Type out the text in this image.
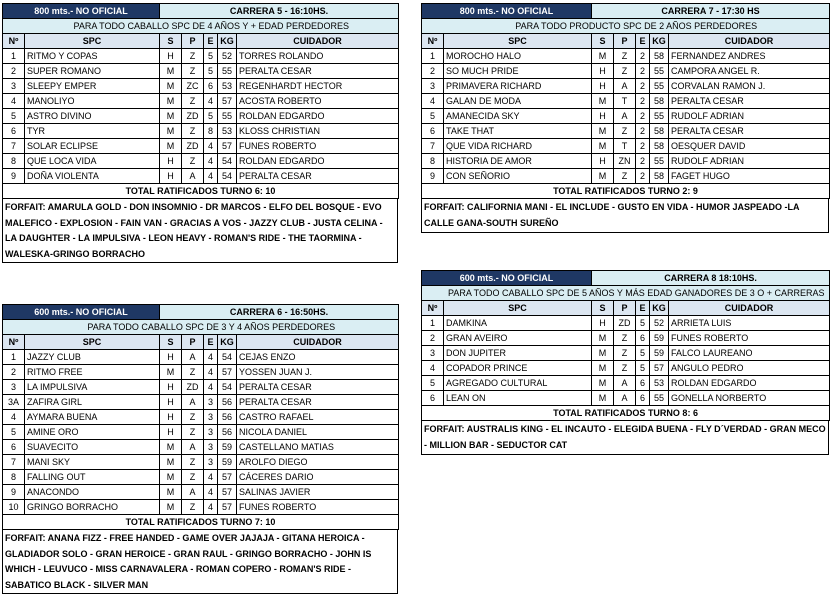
800 mts.- NO OFICIAL		CARRERA 5 - 16:10HS.				
	PARA TODO CABALLO SPC DE 4 AÑOS Y + EDAD PERDEDORES					
Nº	SPC	S	P	E	KG	CUIDADOR
1	RITMO Y COPAS	H	Z	5	52	TORRES ROLANDO
2	SUPER ROMANO	M	Z	5	55	PERALTA CESAR
3	SLEEPY EMPER	M	ZC	6	53	REGENHARDT HECTOR
4	MANOLIYO	M	Z	4	57	ACOSTA ROBERTO
5	ASTRO DIVINO	M	ZD	5	55	ROLDAN EDGARDO
6	TYR	M	Z	8	53	KLOSS CHRISTIAN
7	SOLAR ECLIPSE	M	ZD	4	57	FUNES ROBERTO
8	QUE LOCA VIDA	H	Z	4	54	ROLDAN EDGARDO
9	DOÑA VIOLENTA	H	A	4	54	PERALTA CESAR
TOTAL RATIFICADOS TURNO 6: 10						
FORFAIT: AMARULA GOLD - DON INSOMNIO - DR MARCOS - ELFO DEL BOSQUE - EVO MALEFICO - EXPLOSION - FAIN VAN - GRACIAS A VOS - JAZZY CLUB - JUSTA CELINA - LA DAUGHTER - LA IMPULSIVA - LEON HEAVY - ROMAN'S RIDE - THE TAORMINA - WALESKA-GRINGO BORRACHO
800 mts.- NO OFICIAL		CARRERA 7 - 17:30 HS				
	PARA TODO PRODUCTO SPC DE 2 AÑOS PERDEDORES					
Nº	SPC	S	P	E	KG	CUIDADOR
1	MOROCHO HALO	M	Z	2	58	FERNANDEZ ANDRES
2	SO MUCH PRIDE	H	Z	2	55	CAMPORA ANGEL R.
3	PRIMAVERA RICHARD	H	A	2	55	CORVALAN RAMON J.
4	GALAN DE MODA	M	T	2	58	PERALTA CESAR
5	AMANECIDA SKY	H	A	2	55	RUDOLF ADRIAN
6	TAKE THAT	M	Z	2	58	PERALTA CESAR
7	QUE VIDA RICHARD	M	T	2	58	OESQUER DAVID
8	HISTORIA DE AMOR	H	ZN	2	55	RUDOLF ADRIAN
9	CON SEÑORIO	M	Z	2	58	FAGET HUGO
TOTAL RATIFICADOS TURNO 2: 9						
FORFAIT: CALIFORNIA MANI - EL INCLUDE - GUSTO EN VIDA - HUMOR JASPEADO -LA CALLE GANA-SOUTH SUREÑO
600 mts.- NO OFICIAL		CARRERA 6 - 16:50HS.				
	PARA TODO CABALLO SPC DE 3 Y 4 AÑOS PERDEDORES					
Nº	SPC	S	P	E	KG	CUIDADOR
1	JAZZY CLUB	H	A	4	54	CEJAS ENZO
2	RITMO FREE	M	Z	4	57	YOSSEN JUAN J.
3	LA IMPULSIVA	H	ZD	4	54	PERALTA CESAR
3A	ZAFIRA GIRL	H	A	3	56	PERALTA CESAR
4	AYMARA BUENA	H	Z	3	56	CASTRO RAFAEL
5	AMINE ORO	H	Z	3	56	NICOLA DANIEL
6	SUAVECITO	M	A	3	59	CASTELLANO MATIAS
7	MANI SKY	M	Z	3	59	AROLFO DIEGO
8	FALLING OUT	M	Z	4	57	CÁCERES DARIO
9	ANACONDO	M	A	4	57	SALINAS JAVIER
10	GRINGO BORRACHO	M	Z	4	57	FUNES ROBERTO
TOTAL RATIFICADOS TURNO 7: 10						
FORFAIT: ANANA FIZZ - FREE HANDED - GAME OVER JAJAJA - GITANA HEROICA - GLADIADOR SOLO - GRAN HEROICE - GRAN RAUL - GRINGO BORRACHO - JOHN IS WHICH - LEUVUCO - MISS CARNAVALERA - ROMAN COPERO - ROMAN'S RIDE - SABATICO BLACK - SILVER MAN
600 mts.- NO OFICIAL		CARRERA 8 18:10HS.				
	PARA TODO CABALLO SPC DE 5 AÑOS Y MÁS EDAD GANADORES DE 3 O + CARRERAS					
Nº	SPC	S	P	E	KG	CUIDADOR
1	DAMKINA	H	ZD	5	52	ARRIETA LUIS
2	GRAN AVEIRO	M	Z	6	59	FUNES ROBERTO
3	DON JUPITER	M	Z	5	59	FALCO LAUREANO
4	COPADOR PRINCE	M	Z	5	57	ANGULO PEDRO
5	AGREGADO CULTURAL	M	A	6	53	ROLDAN EDGARDO
6	LEAN ON	M	A	6	55	GONELLA NORBERTO
TOTAL RATIFICADOS TURNO 8: 6						
FORFAIT: AUSTRALIS KING - EL INCAUTO - ELEGIDA BUENA - FLY D´VERDAD - GRAN MECO - MILLION BAR - SEDUCTOR CAT
